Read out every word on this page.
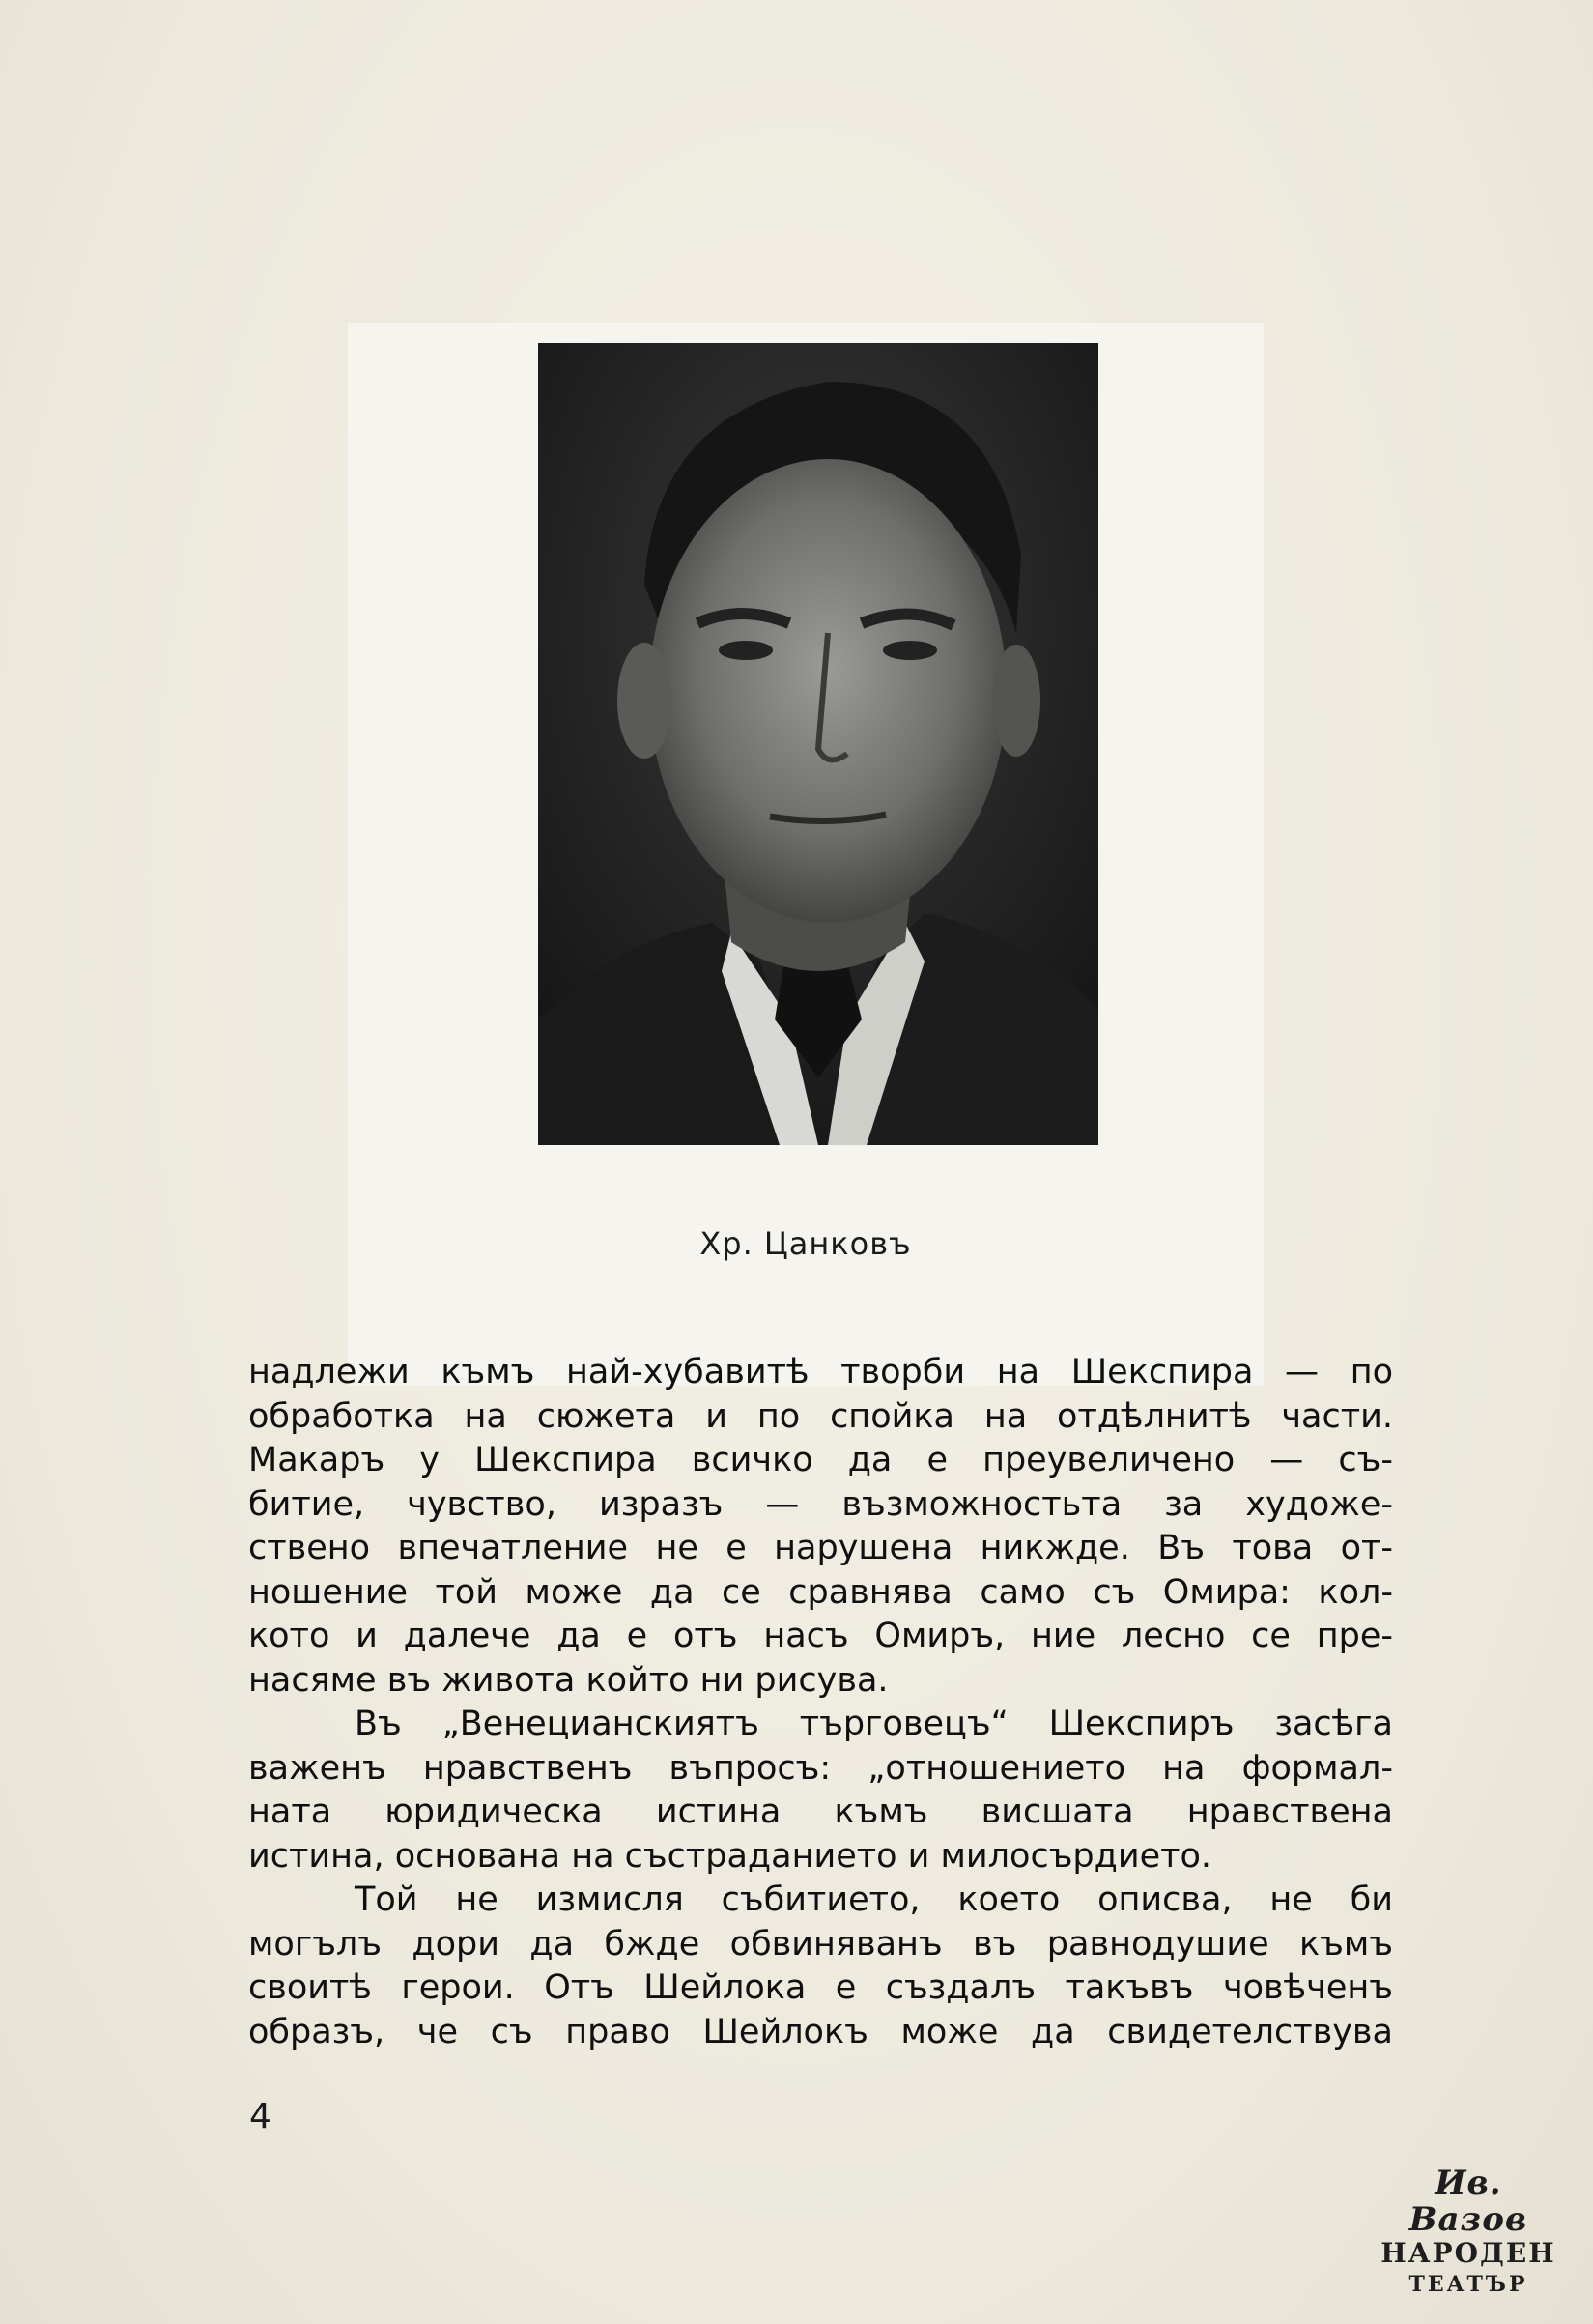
Хр. Цанковъ
надлежи къмъ най-хубавитѣ творби на Шекспира — по
обработка на сюжета и по спойка на отдѣлнитѣ части.
Макаръ у Шекспира всичко да е преувеличено — съ-
битие, чувство, изразъ — възможностьта за художе-
ствено впечатление не е нарушена никжде. Въ това от-
ношение той може да се сравнява само съ Омира: кол-
кото и далече да е отъ насъ Омиръ, ние лесно се пре-
насяме въ живота който ни рисува.
Въ „Венецианскиятъ търговецъ“ Шекспиръ засѣга
важенъ нравственъ въпросъ: „отношението на формал-
ната юридическа истина къмъ висшата нравствена
истина, основана на състраданието и милосърдието.
Той не измисля събитието, което описва, не би
могълъ дори да бжде обвиняванъ въ равнодушие къмъ
своитѣ герои. Отъ Шейлока е създалъ такъвъ човѣченъ
образъ, че съ право Шейлокъ може да свидетелствува
4
Ив. Вазов
НАРОДЕН
ТЕАТЪР
